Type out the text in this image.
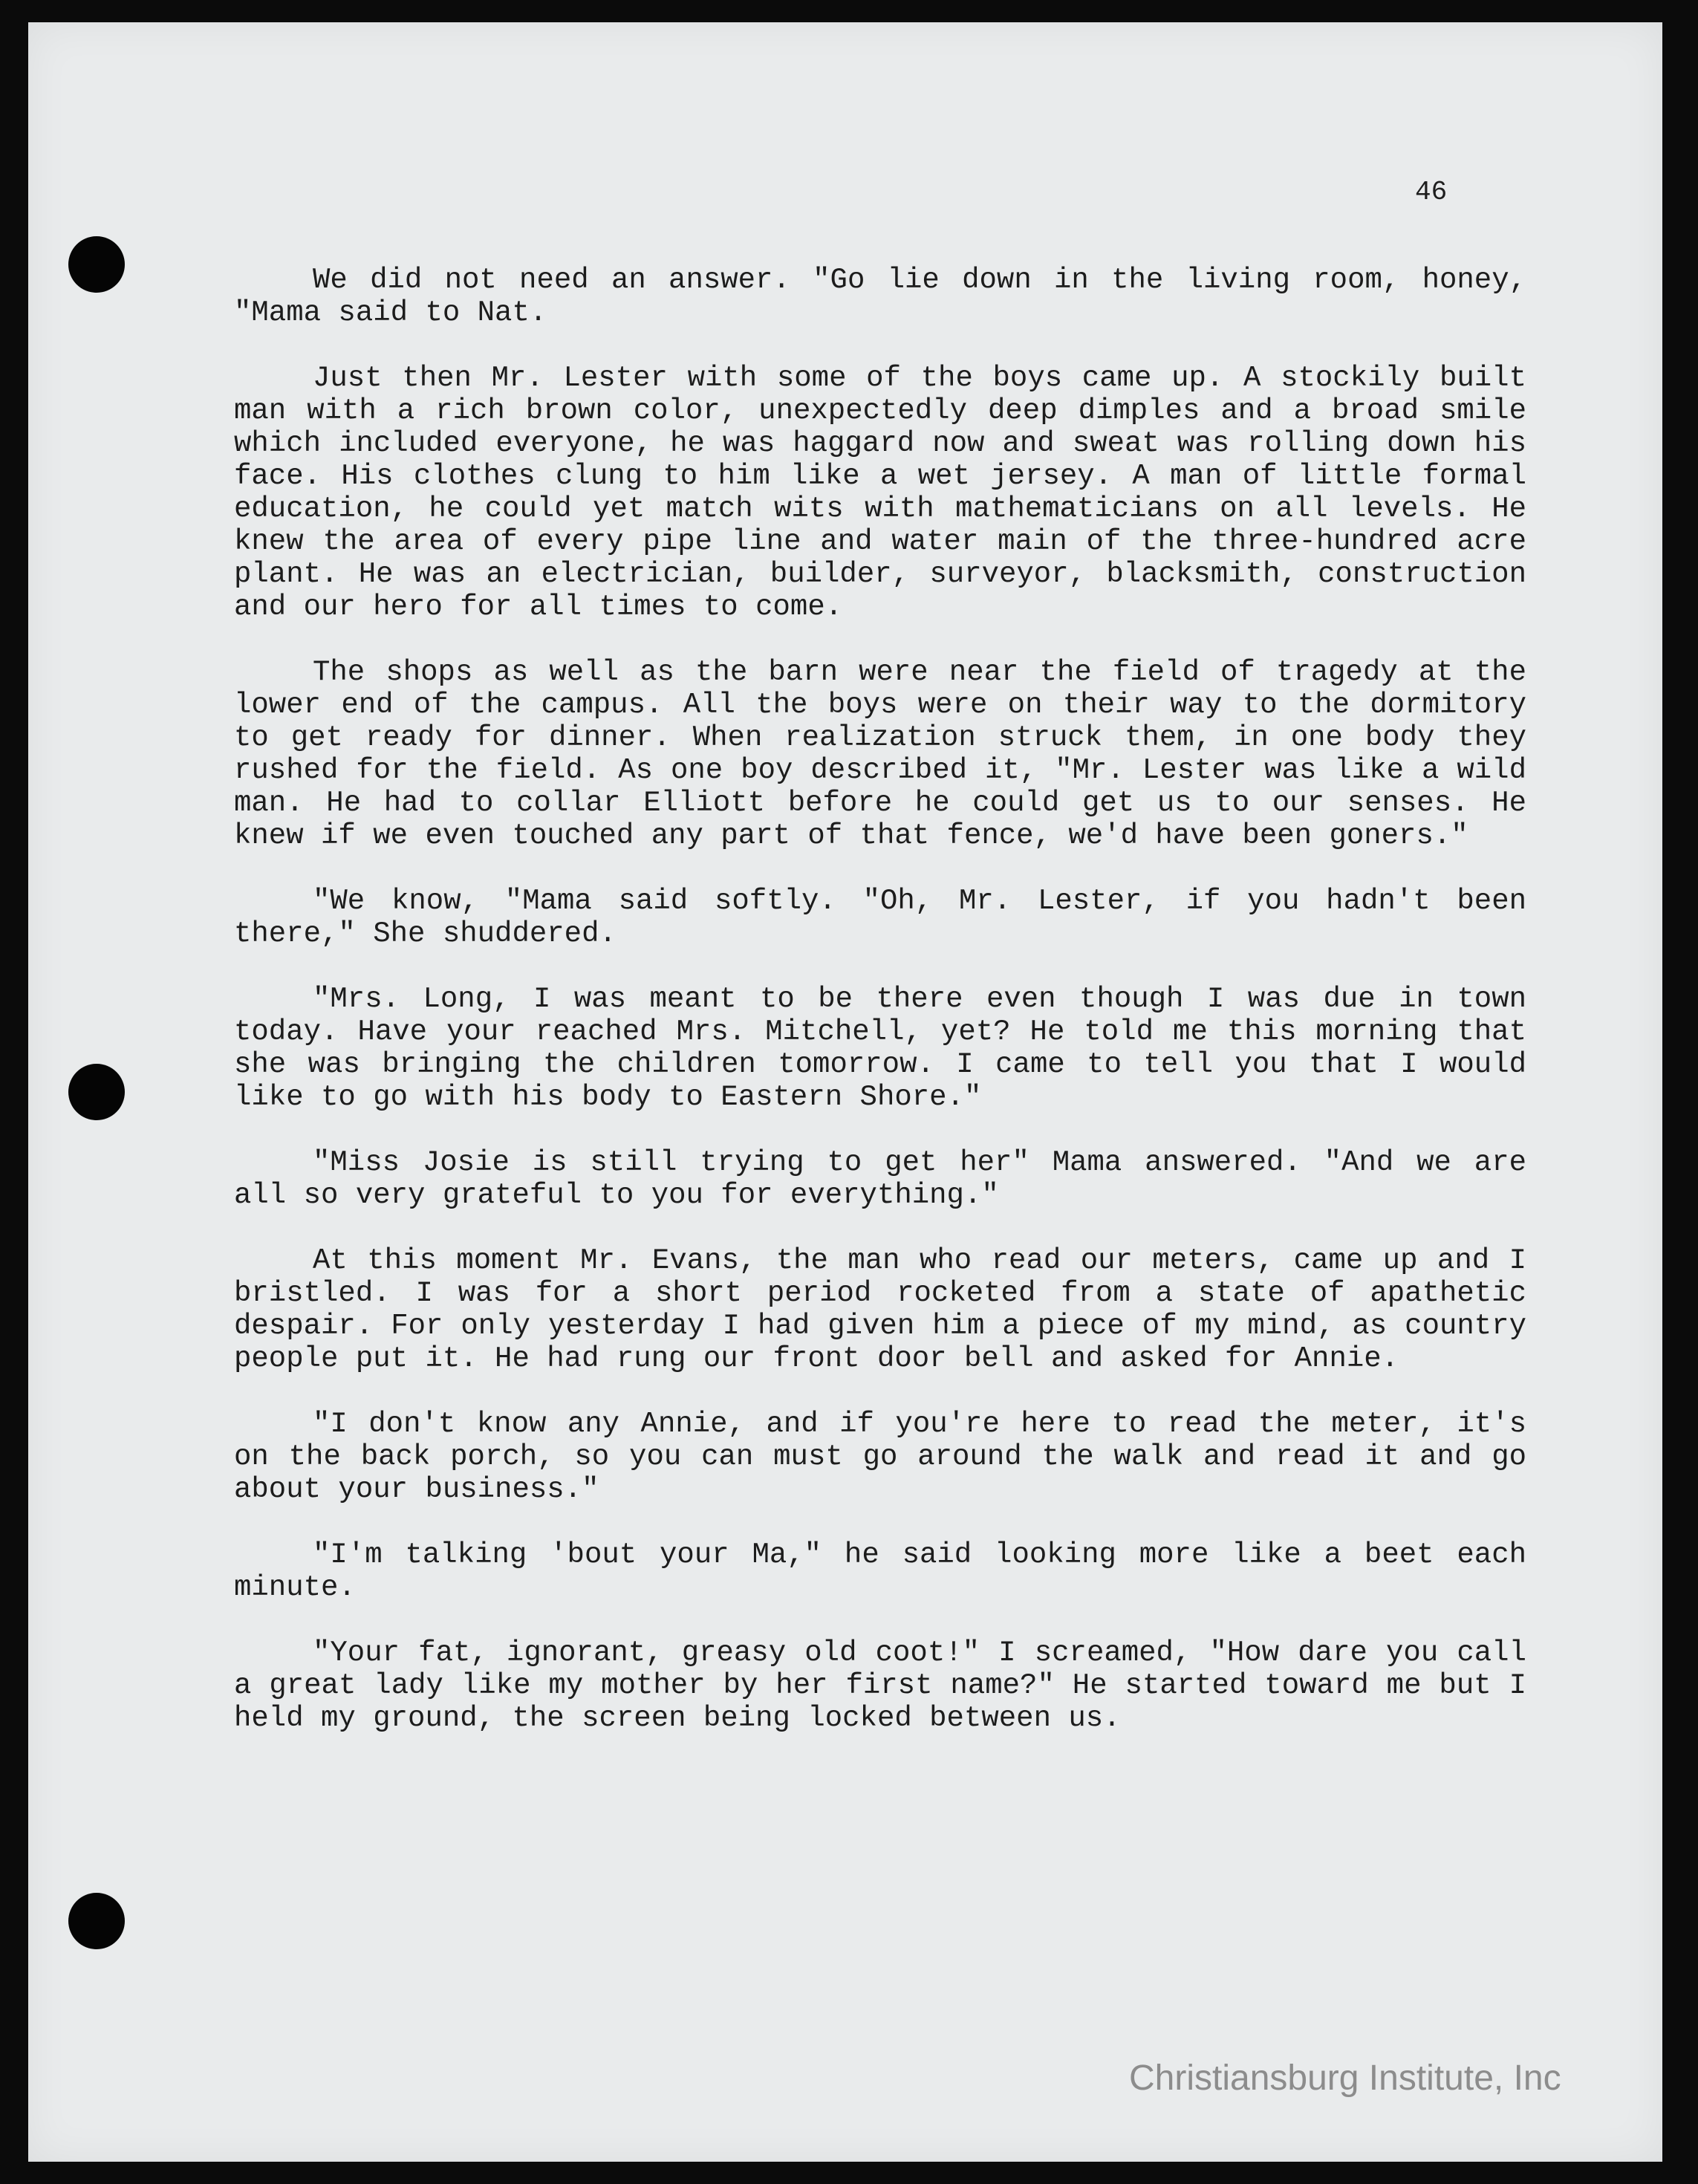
46

We did not need an answer. "Go lie down in the living room, honey, "Mama said to Nat.

Just then Mr. Lester with some of the boys came up. A stockily built man with a rich brown color, unexpectedly deep dimples and a broad smile which included everyone, he was haggard now and sweat was rolling down his face. His clothes clung to him like a wet jersey. A man of little formal education, he could yet match wits with mathematicians on all levels. He knew the area of every pipe line and water main of the three-hundred acre plant. He was an electrician, builder, surveyor, blacksmith, construction and our hero for all times to come.

The shops as well as the barn were near the field of tragedy at the lower end of the campus. All the boys were on their way to the dormitory to get ready for dinner. When realization struck them, in one body they rushed for the field. As one boy described it, "Mr. Lester was like a wild man. He had to collar Elliott before he could get us to our senses. He knew if we even touched any part of that fence, we'd have been goners."

"We know, "Mama said softly. "Oh, Mr. Lester, if you hadn't been there," She shuddered.

"Mrs. Long, I was meant to be there even though I was due in town today. Have your reached Mrs. Mitchell, yet? He told me this morning that she was bringing the children tomorrow. I came to tell you that I would like to go with his body to Eastern Shore."

"Miss Josie is still trying to get her" Mama answered. "And we are all so very grateful to you for everything."

At this moment Mr. Evans, the man who read our meters, came up and I bristled. I was for a short period rocketed from a state of apathetic despair. For only yesterday I had given him a piece of my mind, as country people put it. He had rung our front door bell and asked for Annie.

"I don't know any Annie, and if you're here to read the meter, it's on the back porch, so you can must go around the walk and read it and go about your business."

"I'm talking 'bout your Ma," he said looking more like a beet each minute.

"Your fat, ignorant, greasy old coot!" I screamed, "How dare you call a great lady like my mother by her first name?" He started toward me but I held my ground, the screen being locked between us.

Christiansburg Institute, Inc
